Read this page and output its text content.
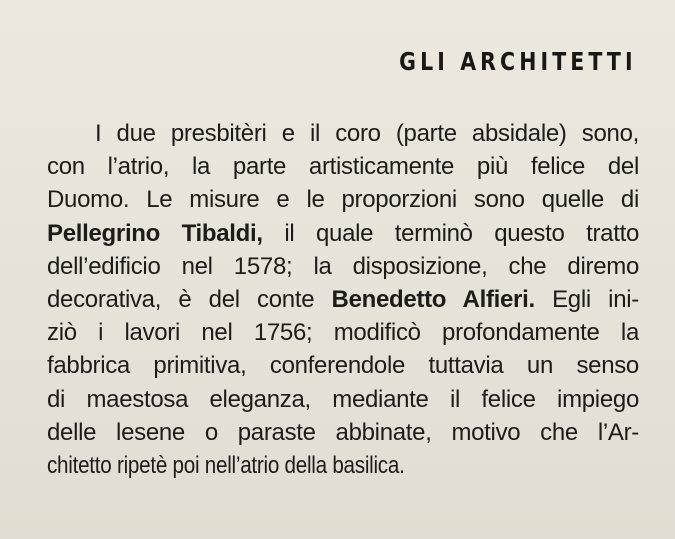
GLI ARCHITETTI
I due presbitèri e il coro (parte absidale) sono,
con l’atrio, la parte artisticamente più felice del
Duomo. Le misure e le proporzioni sono quelle di
Pellegrino Tibaldi, il quale terminò questo tratto
dell’edificio nel 1578; la disposizione, che diremo
decorativa, è del conte Benedetto Alfieri. Egli ini-
ziò i lavori nel 1756; modificò profondamente la
fabbrica primitiva, conferendole tuttavia un senso
di maestosa eleganza, mediante il felice impiego
delle lesene o paraste abbinate, motivo che l’Ar-
chitetto ripetè poi nell’atrio della basilica.
